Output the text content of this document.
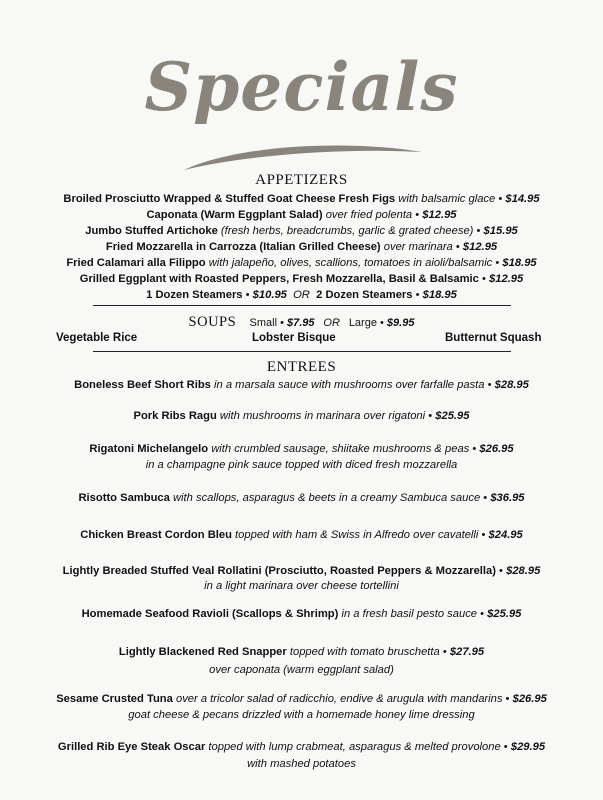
Specials
APPETIZERS
Broiled Prosciutto Wrapped & Stuffed Goat Cheese Fresh Figs with balsamic glace • $14.95
Caponata (Warm Eggplant Salad) over fried polenta • $12.95
Jumbo Stuffed Artichoke (fresh herbs, breadcrumbs, garlic & grated cheese) • $15.95
Fried Mozzarella in Carrozza (Italian Grilled Cheese) over marinara • $12.95
Fried Calamari alla Filippo with jalapeño, olives, scallions, tomatoes in aioli/balsamic • $18.95
Grilled Eggplant with Roasted Peppers, Fresh Mozzarella, Basil & Balsamic • $12.95
1 Dozen Steamers • $10.95 OR 2 Dozen Steamers • $18.95
SOUPS Small • $7.95 OR Large • $9.95
Vegetable Rice	Lobster Bisque	Butternut Squash
ENTREES
Boneless Beef Short Ribs in a marsala sauce with mushrooms over farfalle pasta • $28.95
Pork Ribs Ragu with mushrooms in marinara over rigatoni • $25.95
Rigatoni Michelangelo with crumbled sausage, shiitake mushrooms & peas • $26.95
in a champagne pink sauce topped with diced fresh mozzarella
Risotto Sambuca with scallops, asparagus & beets in a creamy Sambuca sauce • $36.95
Chicken Breast Cordon Bleu topped with ham & Swiss in Alfredo over cavatelli • $24.95
Lightly Breaded Stuffed Veal Rollatini (Prosciutto, Roasted Peppers & Mozzarella) • $28.95
in a light marinara over cheese tortellini
Homemade Seafood Ravioli (Scallops & Shrimp) in a fresh basil pesto sauce • $25.95
Lightly Blackened Red Snapper topped with tomato bruschetta • $27.95
over caponata (warm eggplant salad)
Sesame Crusted Tuna over a tricolor salad of radicchio, endive & arugula with mandarins • $26.95
goat cheese & pecans drizzled with a homemade honey lime dressing
Grilled Rib Eye Steak Oscar topped with lump crabmeat, asparagus & melted provolone • $29.95
with mashed potatoes
